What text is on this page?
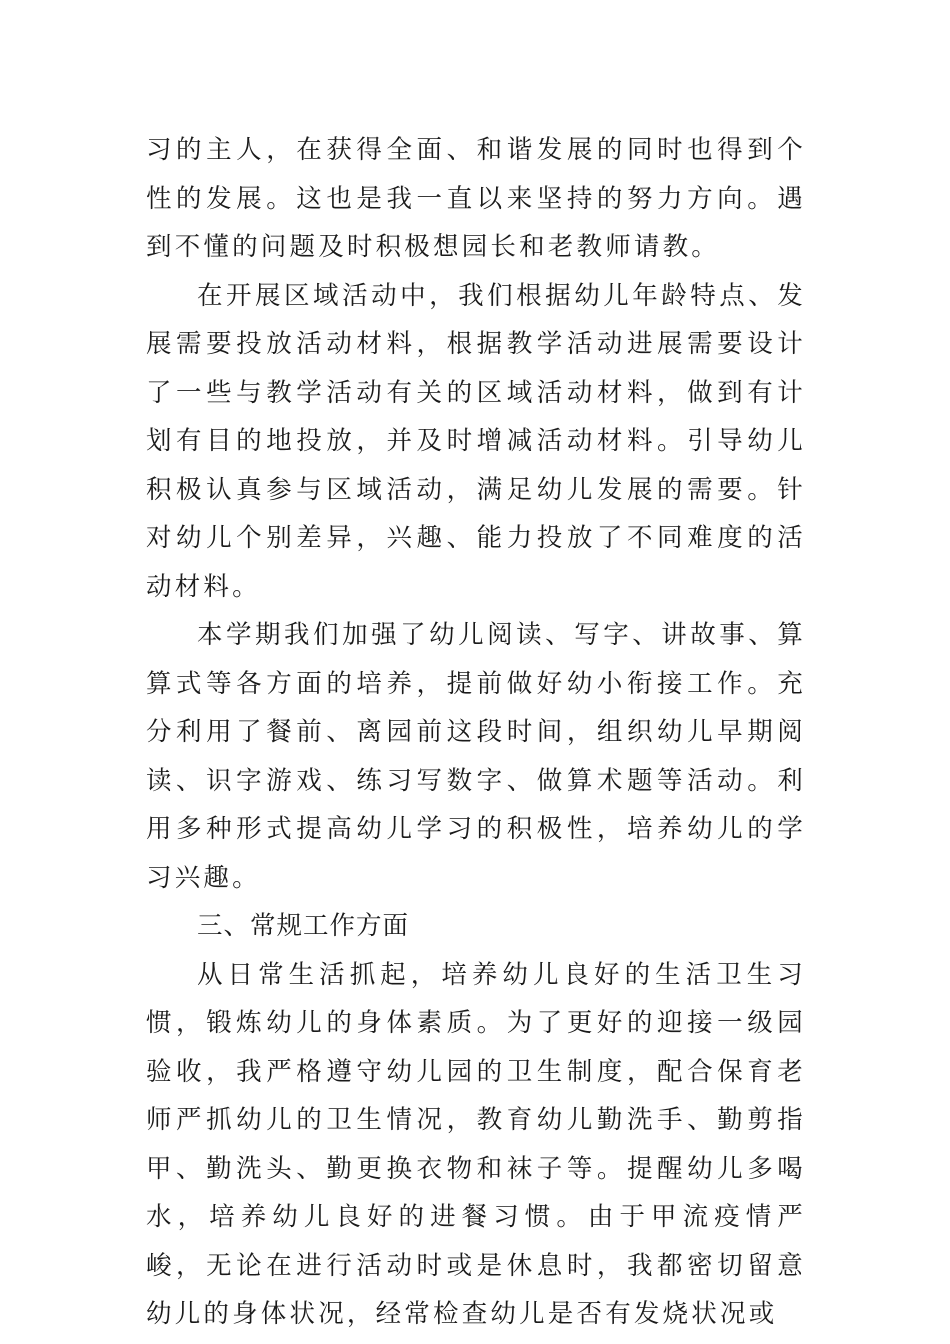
习的主人，在获得全面、和谐发展的同时也得到个性的发展。这也是我一直以来坚持的努力方向。遇到不懂的问题及时积极想园长和老教师请教。

在开展区域活动中，我们根据幼儿年龄特点、发展需要投放活动材料，根据教学活动进展需要设计了一些与教学活动有关的区域活动材料，做到有计划有目的地投放，并及时增减活动材料。引导幼儿积极认真参与区域活动，满足幼儿发展的需要。针对幼儿个别差异，兴趣、能力投放了不同难度的活动材料。

本学期我们加强了幼儿阅读、写字、讲故事、算算式等各方面的培养，提前做好幼小衔接工作。充分利用了餐前、离园前这段时间，组织幼儿早期阅读、识字游戏、练习写数字、做算术题等活动。利用多种形式提高幼儿学习的积极性，培养幼儿的学习兴趣。

三、常规工作方面

从日常生活抓起，培养幼儿良好的生活卫生习惯，锻炼幼儿的身体素质。为了更好的迎接一级园验收，我严格遵守幼儿园的卫生制度，配合保育老师严抓幼儿的卫生情况，教育幼儿勤洗手、勤剪指甲、勤洗头、勤更换衣物和袜子等。提醒幼儿多喝水，培养幼儿良好的进餐习惯。由于甲流疫情严峻，无论在进行活动时或是休息时，我都密切留意幼儿的身体状况，经常检查幼儿是否有发烧状况或
